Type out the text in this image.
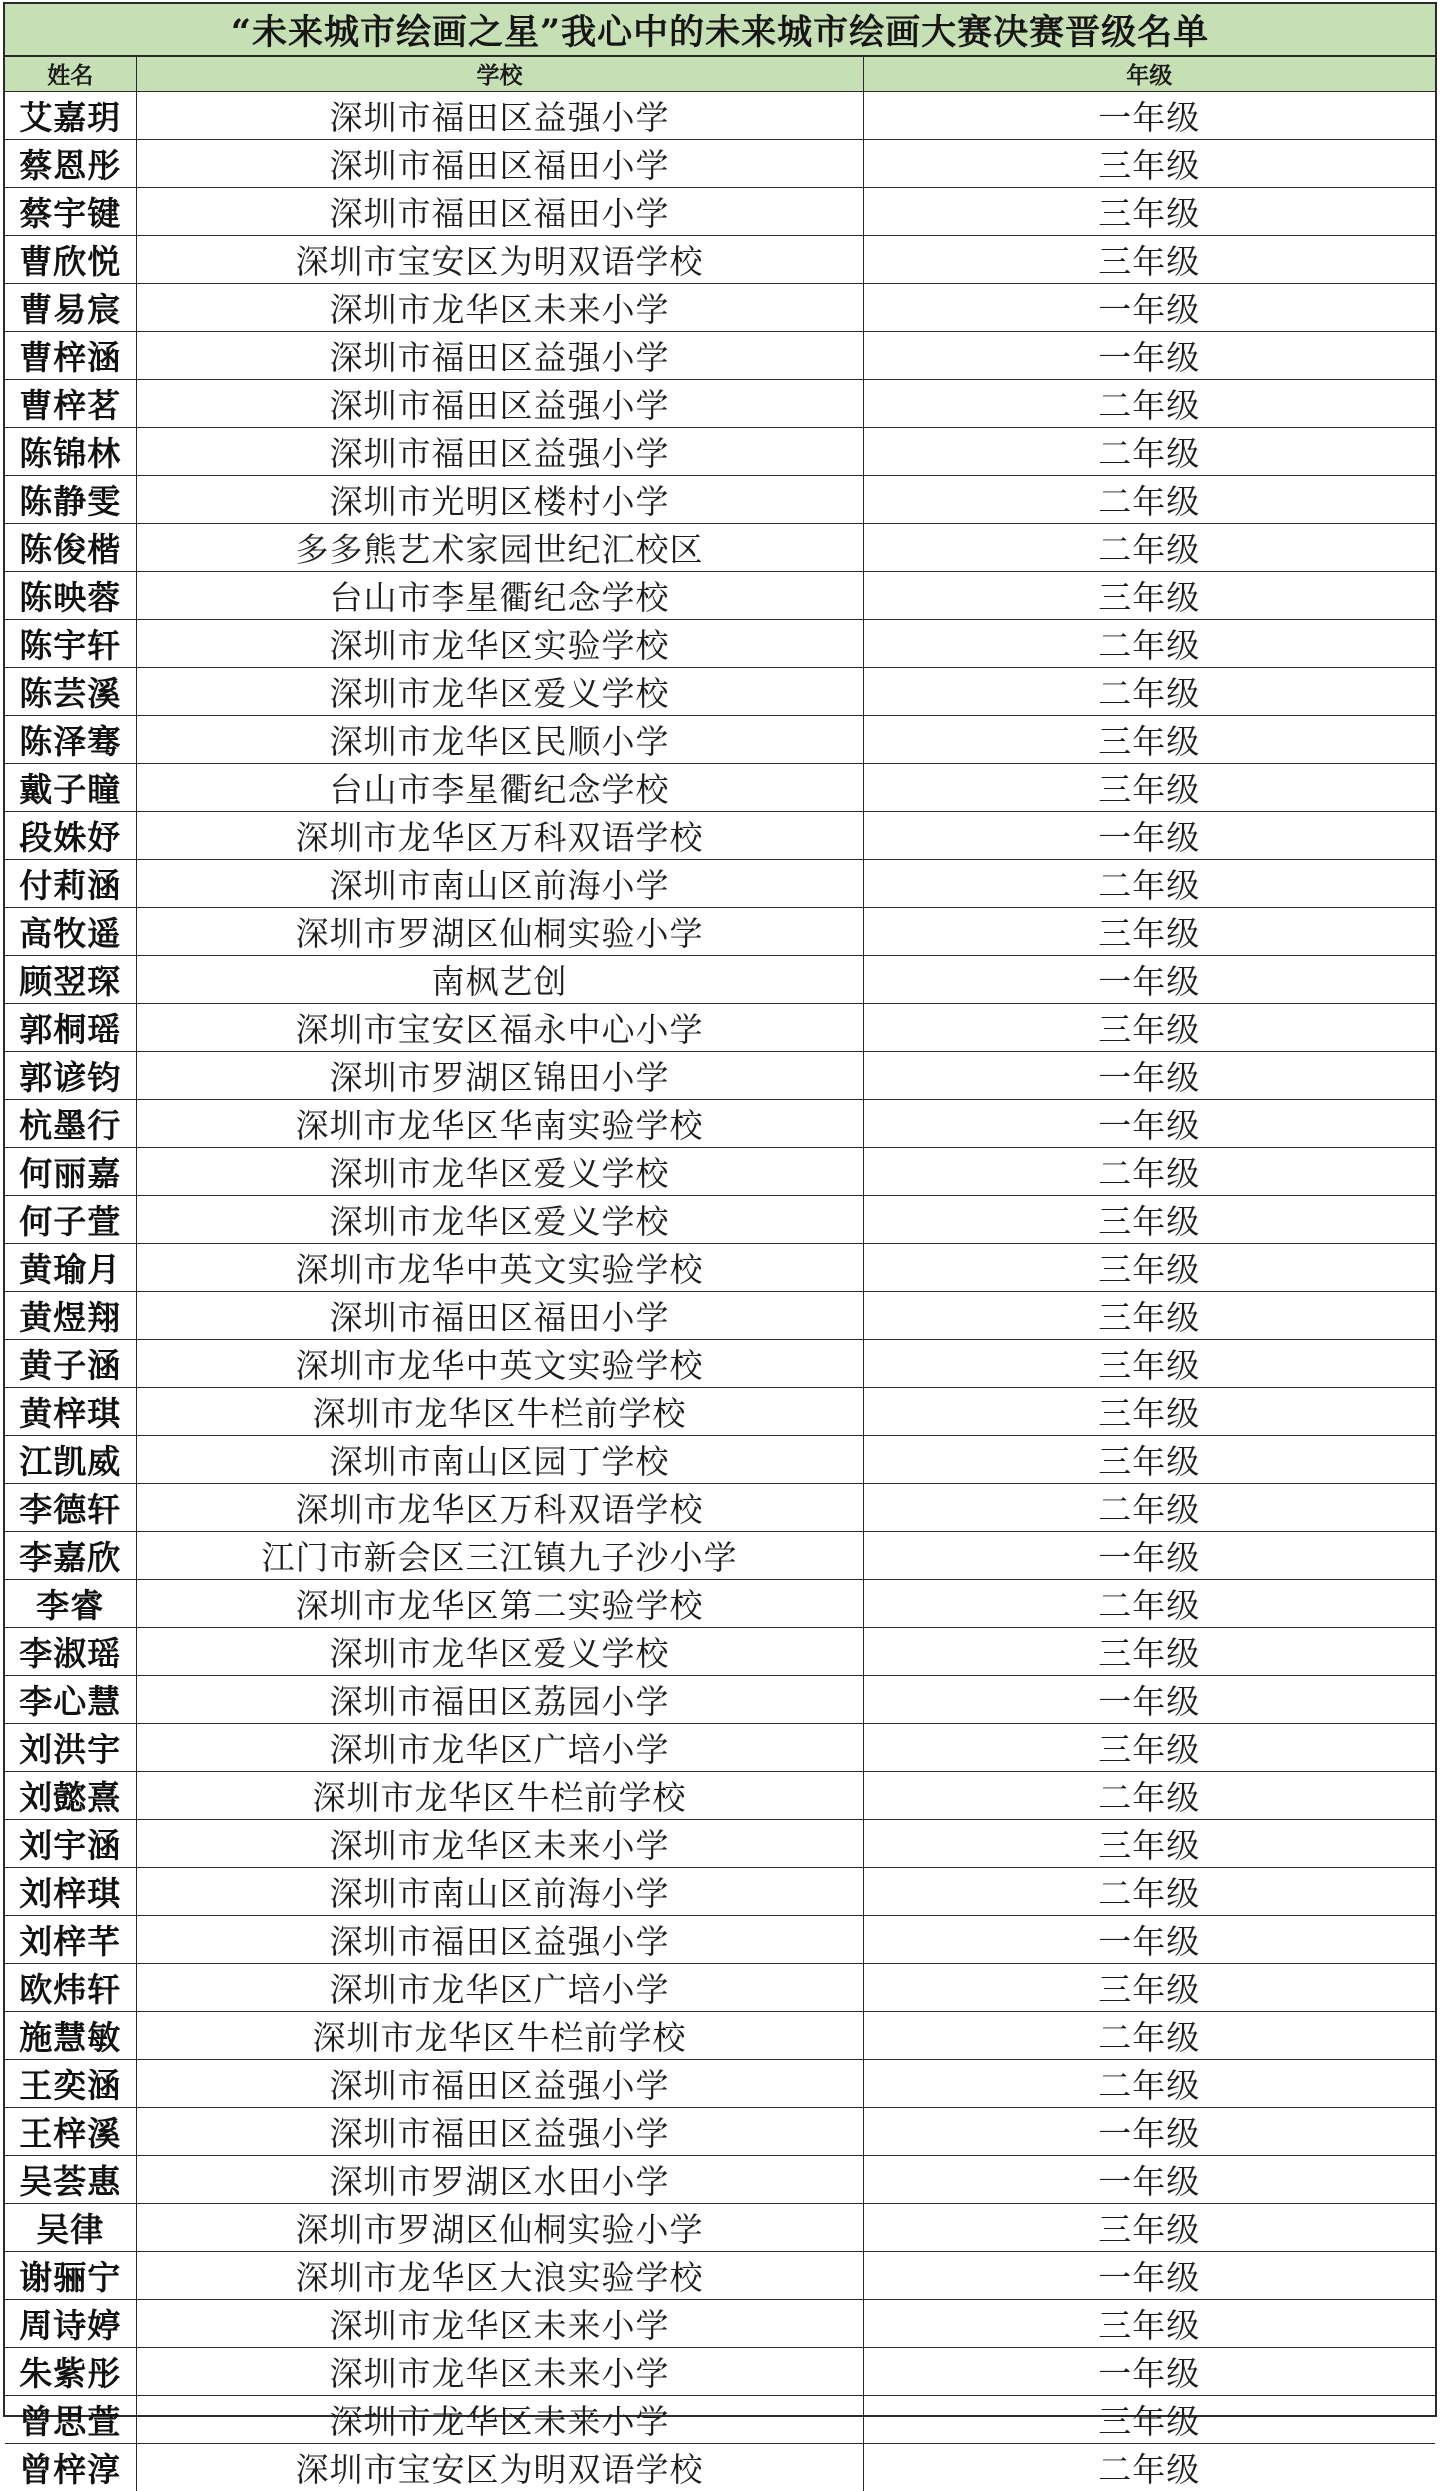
“未来城市绘画之星”我心中的未来城市绘画大赛决赛晋级名单
姓名	学校	年级
艾嘉玥	深圳市福田区益强小学	一年级
蔡恩彤	深圳市福田区福田小学	三年级
蔡宇键	深圳市福田区福田小学	三年级
曹欣悦	深圳市宝安区为明双语学校	三年级
曹易宸	深圳市龙华区未来小学	一年级
曹梓涵	深圳市福田区益强小学	一年级
曹梓茗	深圳市福田区益强小学	二年级
陈锦林	深圳市福田区益强小学	二年级
陈静雯	深圳市光明区楼村小学	二年级
陈俊楷	多多熊艺术家园世纪汇校区	二年级
陈映蓉	台山市李星衢纪念学校	三年级
陈宇轩	深圳市龙华区实验学校	二年级
陈芸溪	深圳市龙华区爱义学校	二年级
陈泽骞	深圳市龙华区民顺小学	三年级
戴子瞳	台山市李星衢纪念学校	三年级
段姝妤	深圳市龙华区万科双语学校	一年级
付莉涵	深圳市南山区前海小学	二年级
高牧遥	深圳市罗湖区仙桐实验小学	三年级
顾翌琛	南枫艺创	一年级
郭桐瑶	深圳市宝安区福永中心小学	三年级
郭谚钧	深圳市罗湖区锦田小学	一年级
杭墨行	深圳市龙华区华南实验学校	一年级
何丽嘉	深圳市龙华区爱义学校	二年级
何子萱	深圳市龙华区爱义学校	三年级
黄瑜月	深圳市龙华中英文实验学校	三年级
黄煜翔	深圳市福田区福田小学	三年级
黄子涵	深圳市龙华中英文实验学校	三年级
黄梓琪	深圳市龙华区牛栏前学校	三年级
江凯威	深圳市南山区园丁学校	三年级
李德轩	深圳市龙华区万科双语学校	二年级
李嘉欣	江门市新会区三江镇九子沙小学	一年级
李睿	深圳市龙华区第二实验学校	二年级
李淑瑶	深圳市龙华区爱义学校	三年级
李心慧	深圳市福田区荔园小学	一年级
刘洪宇	深圳市龙华区广培小学	三年级
刘懿熹	深圳市龙华区牛栏前学校	二年级
刘宇涵	深圳市龙华区未来小学	三年级
刘梓琪	深圳市南山区前海小学	二年级
刘梓芊	深圳市福田区益强小学	一年级
欧炜轩	深圳市龙华区广培小学	三年级
施慧敏	深圳市龙华区牛栏前学校	二年级
王奕涵	深圳市福田区益强小学	二年级
王梓溪	深圳市福田区益强小学	一年级
吴荟惠	深圳市罗湖区水田小学	一年级
吴律	深圳市罗湖区仙桐实验小学	三年级
谢骊宁	深圳市龙华区大浪实验学校	一年级
周诗婷	深圳市龙华区未来小学	三年级
朱紫彤	深圳市龙华区未来小学	一年级
曾思萱	深圳市龙华区未来小学	三年级
曾梓淳	深圳市宝安区为明双语学校	二年级
